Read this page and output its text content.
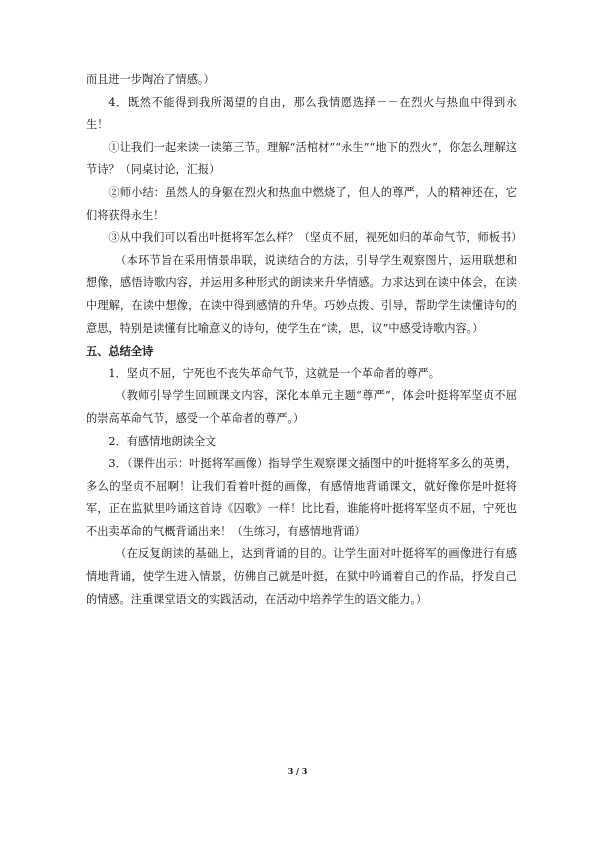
而且进一步陶冶了情感。）

4．既然不能得到我所渴望的自由，那么我情愿选择－－在烈火与热血中得到永生！

①让我们一起来读一读第三节。理解“活棺材”“永生”“地下的烈火”，你怎么理解这节诗？（同桌讨论，汇报）

②师小结：虽然人的身躯在烈火和热血中燃烧了，但人的尊严，人的精神还在，它们将获得永生！

③从中我们可以看出叶挺将军怎么样？（坚贞不屈，视死如归的革命气节，师板书）

（本环节旨在采用情景串联，说读结合的方法，引导学生观察图片，运用联想和想像，感悟诗歌内容，并运用多种形式的朗读来升华情感。力求达到在读中体会，在读中理解，在读中想像，在读中得到感情的升华。巧妙点拨、引导，帮助学生读懂诗句的意思，特别是读懂有比喻意义的诗句，使学生在“读，思，议”中感受诗歌内容。）

五、总结全诗

1．坚贞不屈，宁死也不丧失革命气节，这就是一个革命者的尊严。

（教师引导学生回顾课文内容，深化本单元主题“尊严”，体会叶挺将军坚贞不屈的崇高革命气节，感受一个革命者的尊严。）

2．有感情地朗读全文

3．（课件出示：叶挺将军画像）指导学生观察课文插图中的叶挺将军多么的英勇，多么的坚贞不屈啊！让我们看着叶挺的画像，有感情地背诵课文，就好像你是叶挺将军，正在监狱里吟诵这首诗《囚歌》一样！比比看，谁能将叶挺将军坚贞不屈，宁死也不出卖革命的气概背诵出来！（生练习，有感情地背诵）

（在反复朗读的基础上，达到背诵的目的。让学生面对叶挺将军的画像进行有感情地背诵，使学生进入情景，仿佛自己就是叶挺，在狱中吟诵着自己的作品，抒发自己的情感。注重课堂语文的实践活动，在活动中培养学生的语文能力。）

3 / 3
